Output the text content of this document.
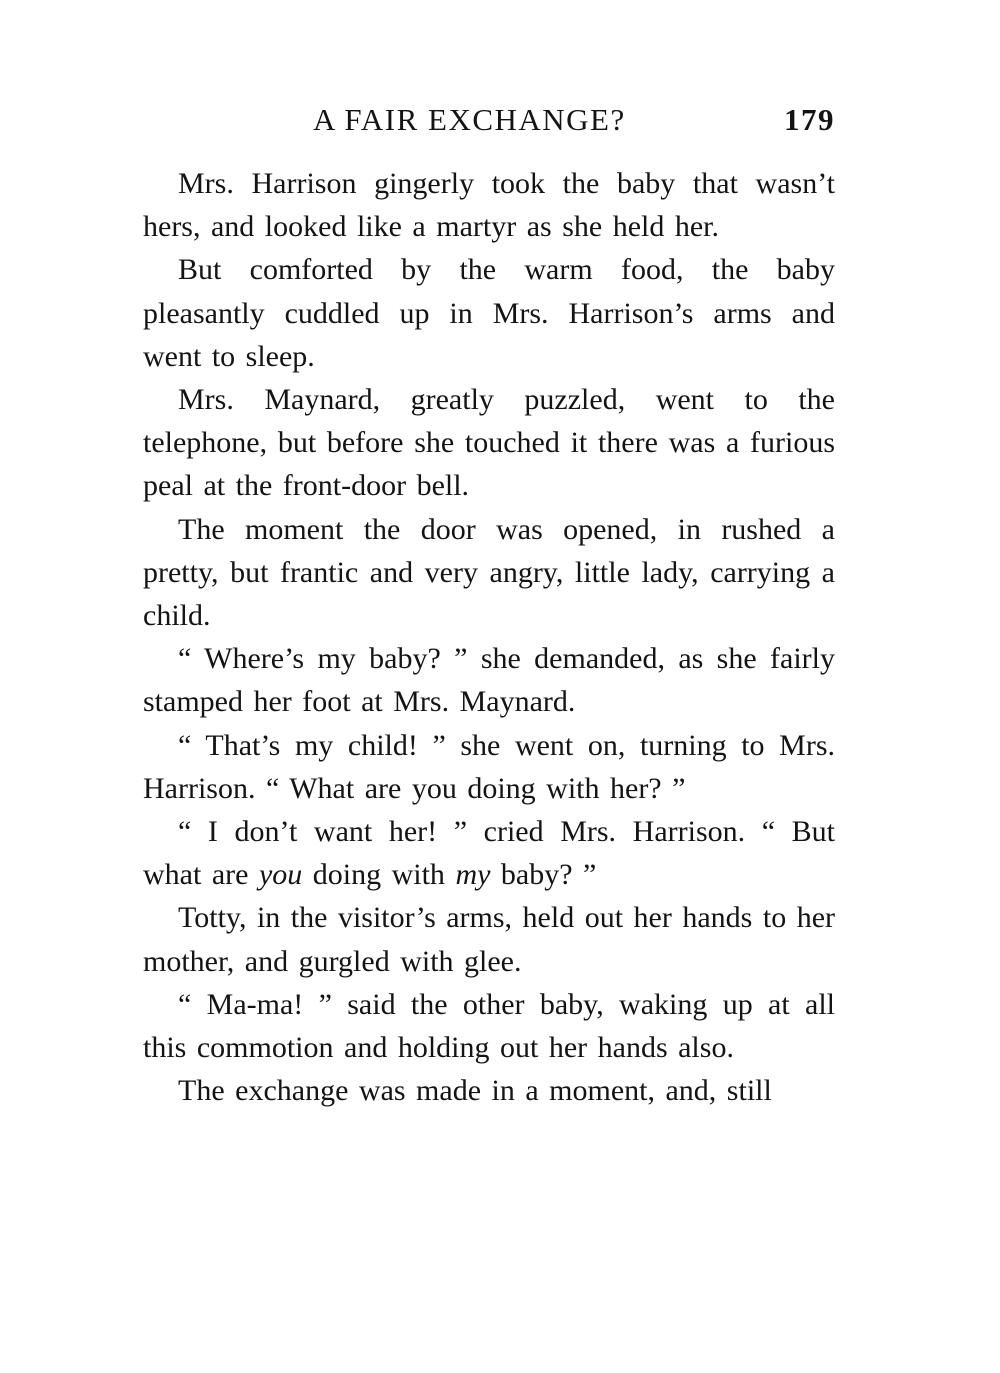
A FAIR EXCHANGE?	179

Mrs. Harrison gingerly took the baby that wasn’t hers, and looked like a martyr as she held her.

But comforted by the warm food, the baby pleasantly cuddled up in Mrs. Harrison’s arms and went to sleep.

Mrs. Maynard, greatly puzzled, went to the telephone, but before she touched it there was a furious peal at the front-door bell.

The moment the door was opened, in rushed a pretty, but frantic and very angry, little lady, carrying a child.

“ Where’s my baby? ” she demanded, as she fairly stamped her foot at Mrs. Maynard.

“ That’s my child! ” she went on, turning to Mrs. Harrison. “ What are you doing with her? ”

“ I don’t want her! ” cried Mrs. Harrison. “ But what are you doing with my baby? ”

Totty, in the visitor’s arms, held out her hands to her mother, and gurgled with glee.

“ Ma-ma! ” said the other baby, waking up at all this commotion and holding out her hands also.

The exchange was made in a moment, and, still
